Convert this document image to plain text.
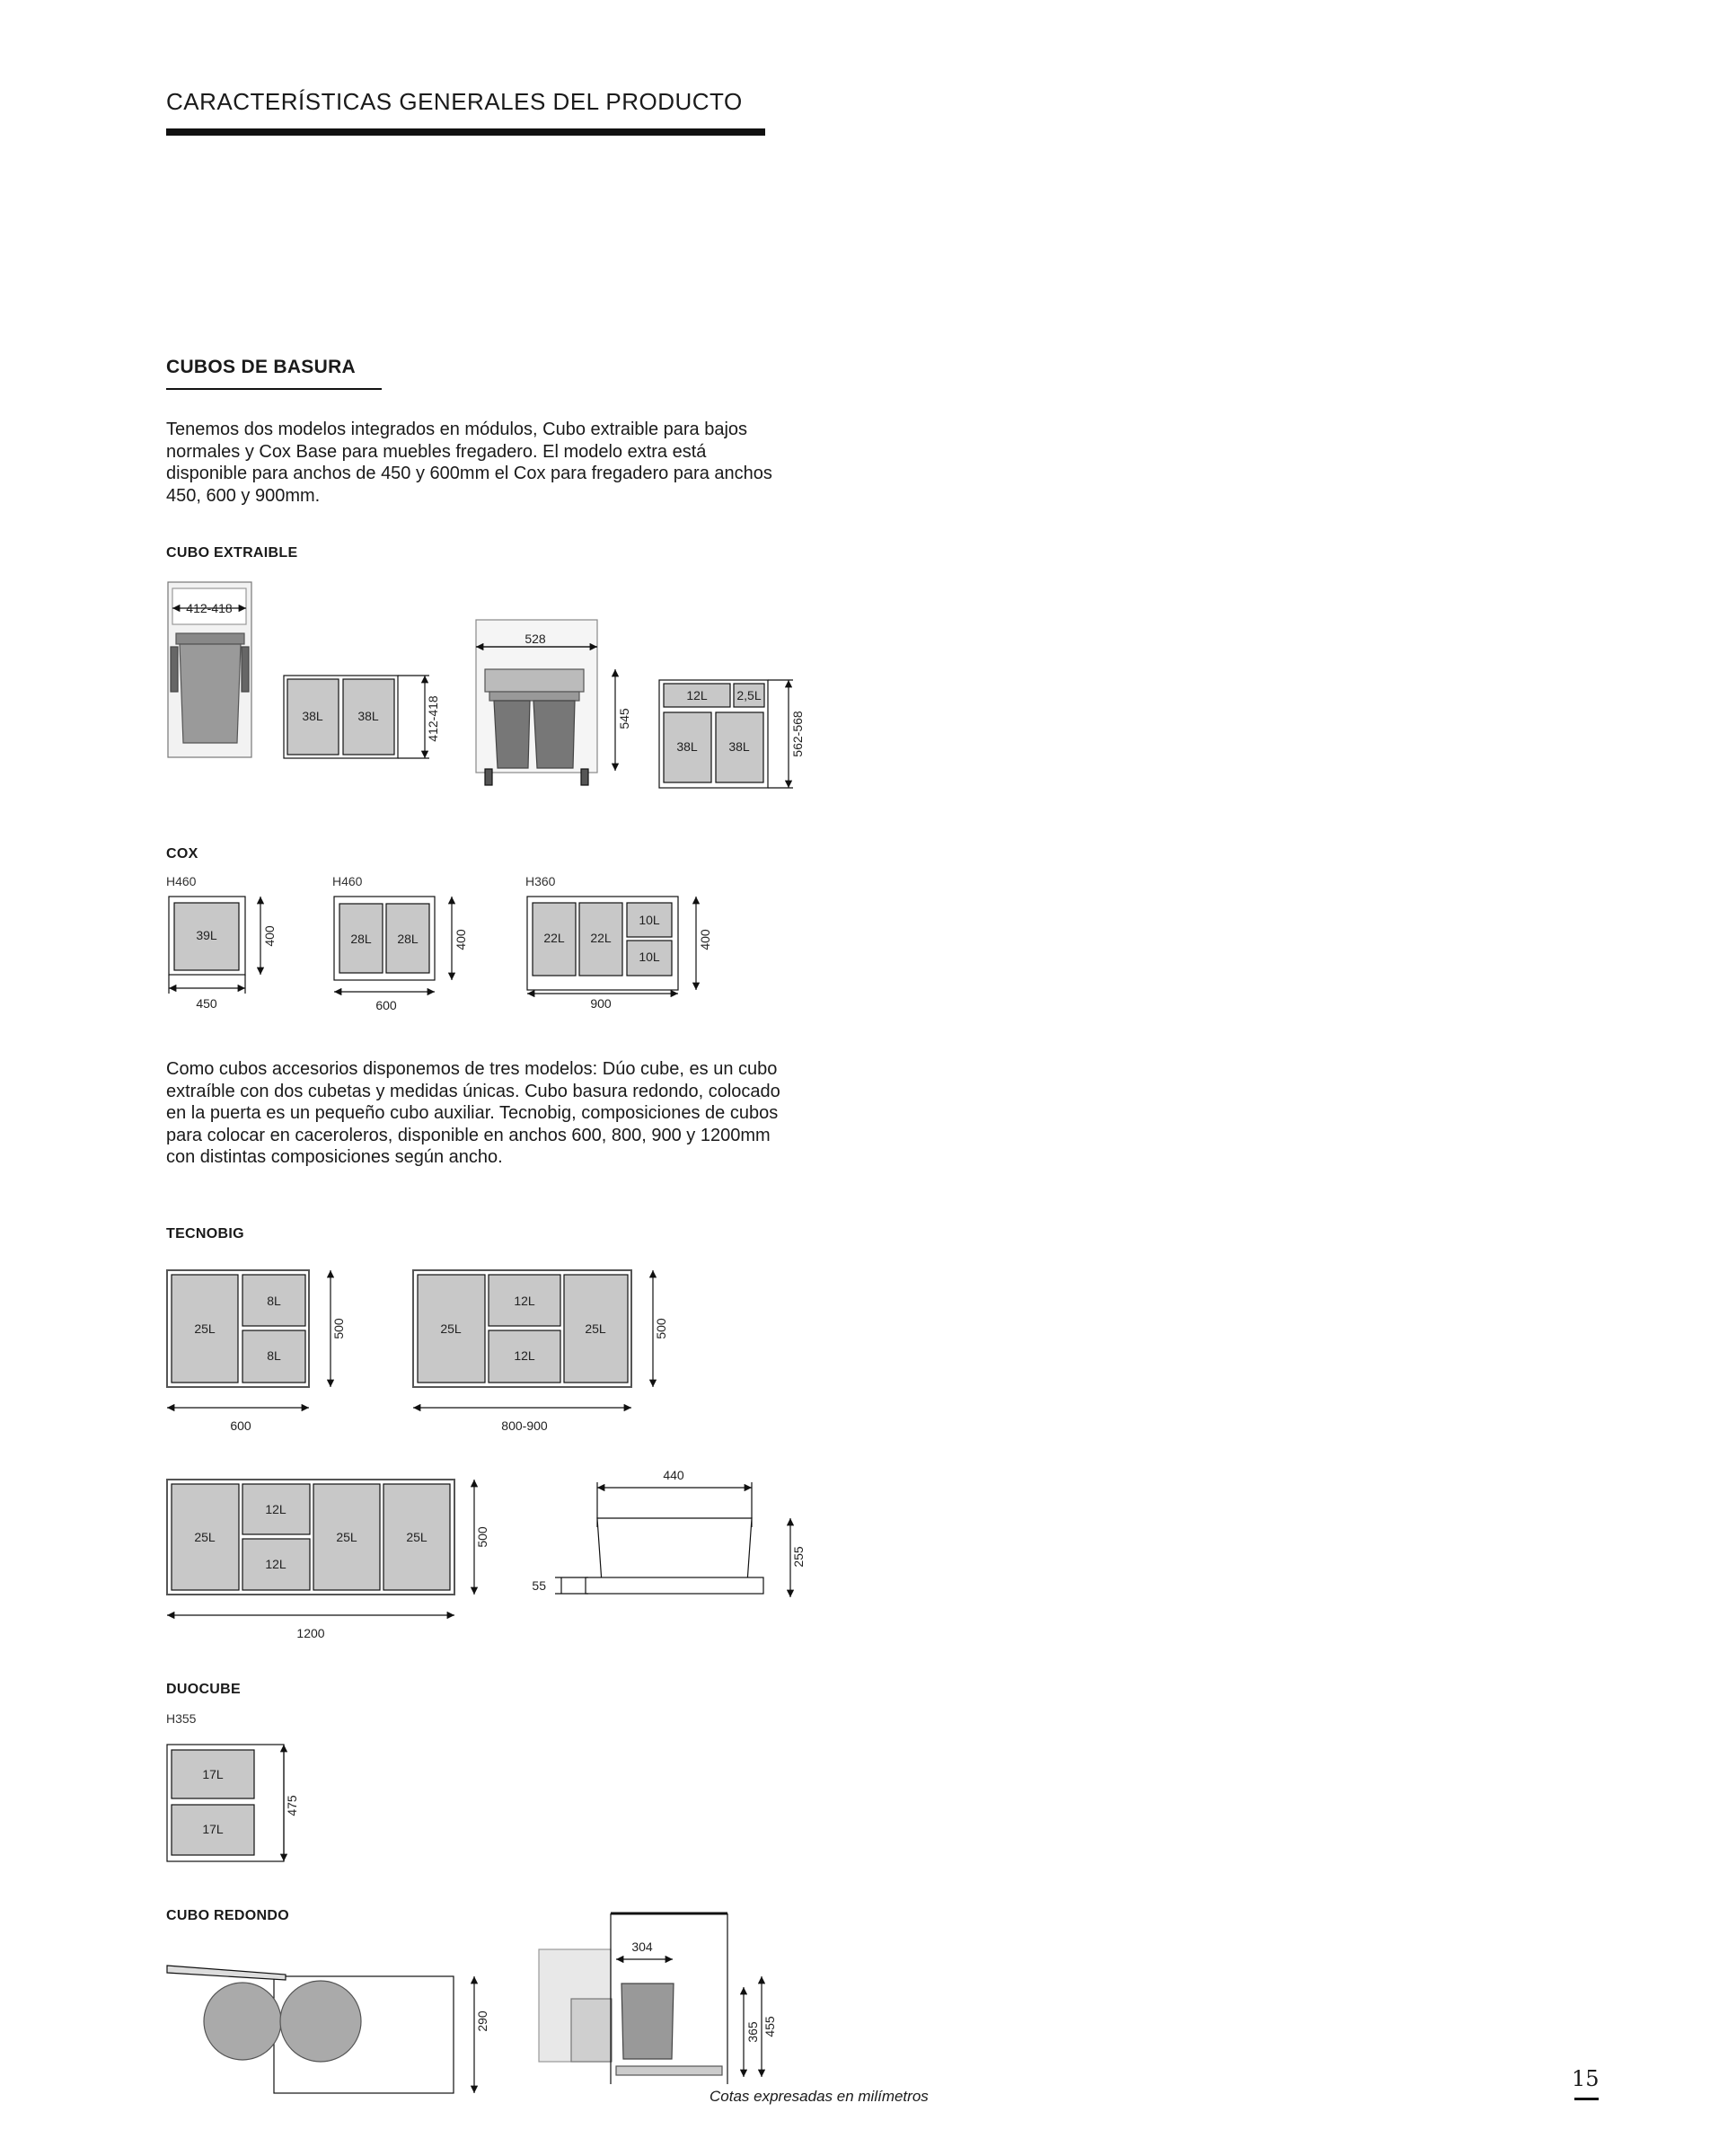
CARACTERÍSTICAS GENERALES DEL PRODUCTO
CUBOS DE BASURA

Tenemos dos modelos integrados en módulos, Cubo extraible para bajos normales y Cox Base para muebles fregadero. El modelo extra está disponible para anchos de 450 y 600mm el Cox para fregadero para anchos 450, 600 y 900mm.

CUBO EXTRAIBLE
COX
H460	H460	H360

Como cubos accesorios disponemos de tres modelos: Dúo cube, es un cubo extraíble con dos cubetas y medidas únicas. Cubo basura redondo, colocado en la puerta es un pequeño cubo auxiliar. Tecnobig, composiciones de cubos para colocar en caceroleros, disponible en anchos 600, 800, 900 y 1200mm con distintas composiciones según ancho.

TECNOBIG
DUOCUBE
H355
CUBO REDONDO
412-418
38L	38L	412-418
528
545
12L 2,5L
38L 38L	562-568
39L	400
450
28L 28L	400
600
22L 22L
10L
10L
400
900
25L
8L
8L
500
600
25L
12L
12L
25L	500
800-900
25L
12L
12L
25L	25L	500
1200
440
55
255
17L
17L
475
290
304
365 455
Cotas expresadas en milímetros
15
